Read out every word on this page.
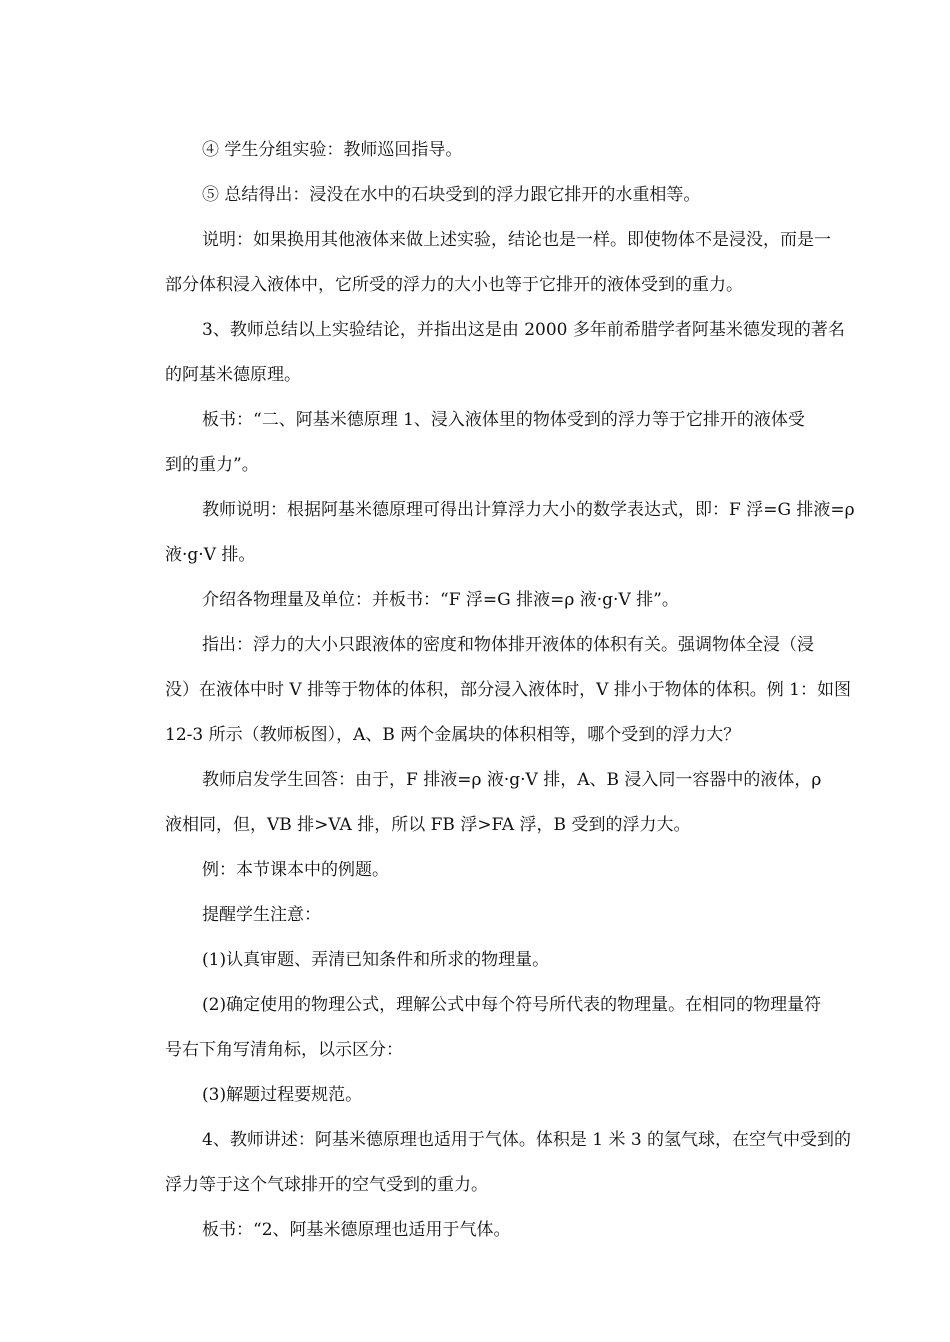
④ 学生分组实验：教师巡回指导。
⑤ 总结得出：浸没在水中的石块受到的浮力跟它排开的水重相等。
说明：如果换用其他液体来做上述实验，结论也是一样。即使物体不是浸没，而是一
部分体积浸入液体中，它所受的浮力的大小也等于它排开的液体受到的重力。
3、教师总结以上实验结论，并指出这是由 2000 多年前希腊学者阿基米德发现的著名
的阿基米德原理。
板书：“二、阿基米德原理 1、浸入液体里的物体受到的浮力等于它排开的液体受
到的重力”。
教师说明：根据阿基米德原理可得出计算浮力大小的数学表达式，即：F 浮=G 排液=ρ
液·g·V 排。
介绍各物理量及单位：并板书：“F 浮=G 排液=ρ 液·g·V 排”。
指出：浮力的大小只跟液体的密度和物体排开液体的体积有关。强调物体全浸（浸
没）在液体中时 V 排等于物体的体积，部分浸入液体时，V 排小于物体的体积。例 1：如图
12-3 所示（教师板图），A、B 两个金属块的体积相等，哪个受到的浮力大？
教师启发学生回答：由于，F 排液=ρ 液·g·V 排，A、B 浸入同一容器中的液体，ρ
液相同，但，VB 排>VA 排，所以 FB 浮>FA 浮，B 受到的浮力大。
例：本节课本中的例题。
提醒学生注意：
(1)认真审题、弄清已知条件和所求的物理量。
(2)确定使用的物理公式，理解公式中每个符号所代表的物理量。在相同的物理量符
号右下角写清角标，以示区分：
(3)解题过程要规范。
4、教师讲述：阿基米德原理也适用于气体。体积是 1 米 3 的氢气球，在空气中受到的
浮力等于这个气球排开的空气受到的重力。
板书：“2、阿基米德原理也适用于气体。
